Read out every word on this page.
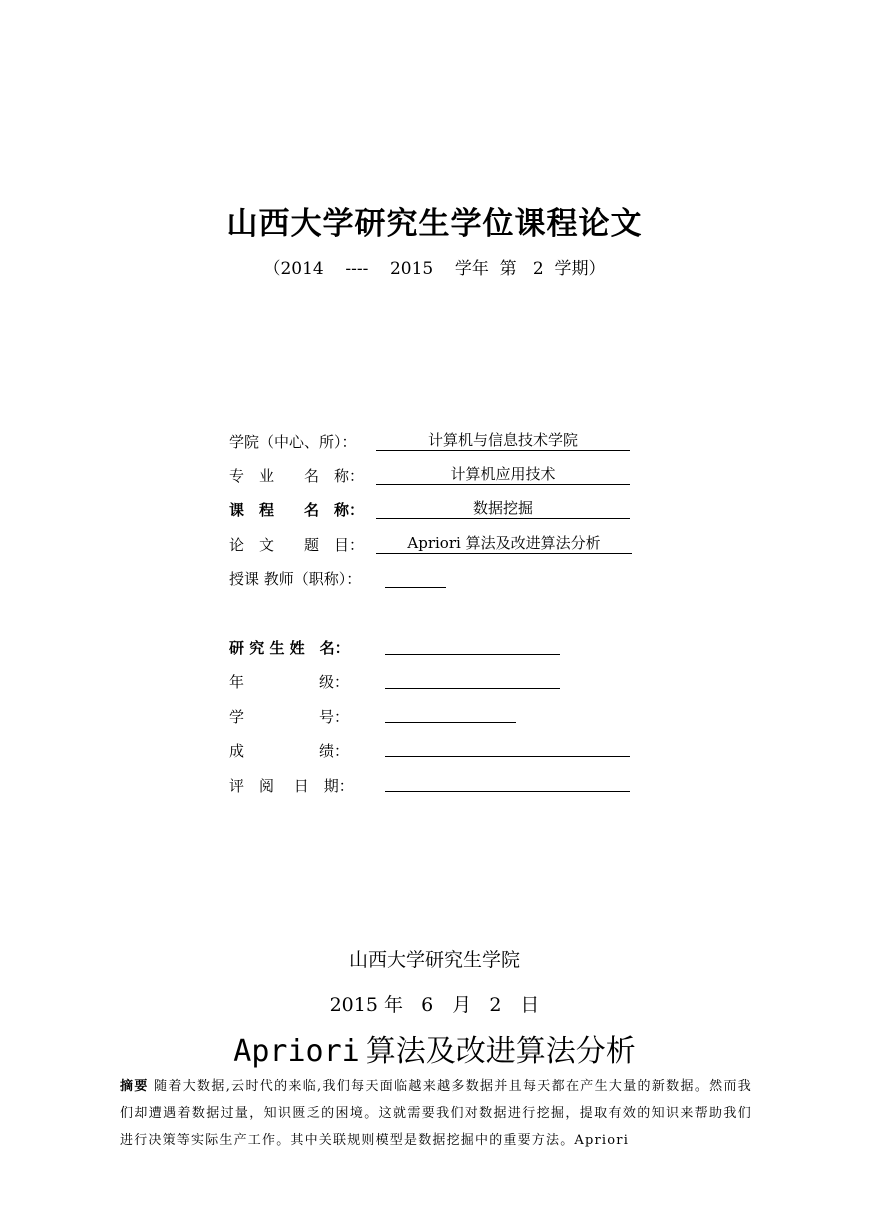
山西大学研究生学位课程论文
（2014 ---- 2015 学年 第 2 学期）
学院（中心、所）：	计算机与信息技术学院
专　业　　名　称：	计算机应用技术
课　程　　名　称：	数据挖掘
论　文　　题　目：	Apriori 算法及改进算法分析
授课 教师（职称）：
研 究 生 姓　名：
年　　　　　级：
学　　　　　号：
成　　　　　绩：
评　阅　 日　期：
山西大学研究生学院
2015 年 6　月 2　日
Apriori 算法及改进算法分析
摘要 随着大数据,云时代的来临,我们每天面临越来越多数据并且每天都在产生大量的新数据。然而我们却遭遇着数据过量，知识匮乏的困境。这就需要我们对数据进行挖掘，提取有效的知识来帮助我们进行决策等实际生产工作。其中关联规则模型是数据挖掘中的重要方法。Apriori
